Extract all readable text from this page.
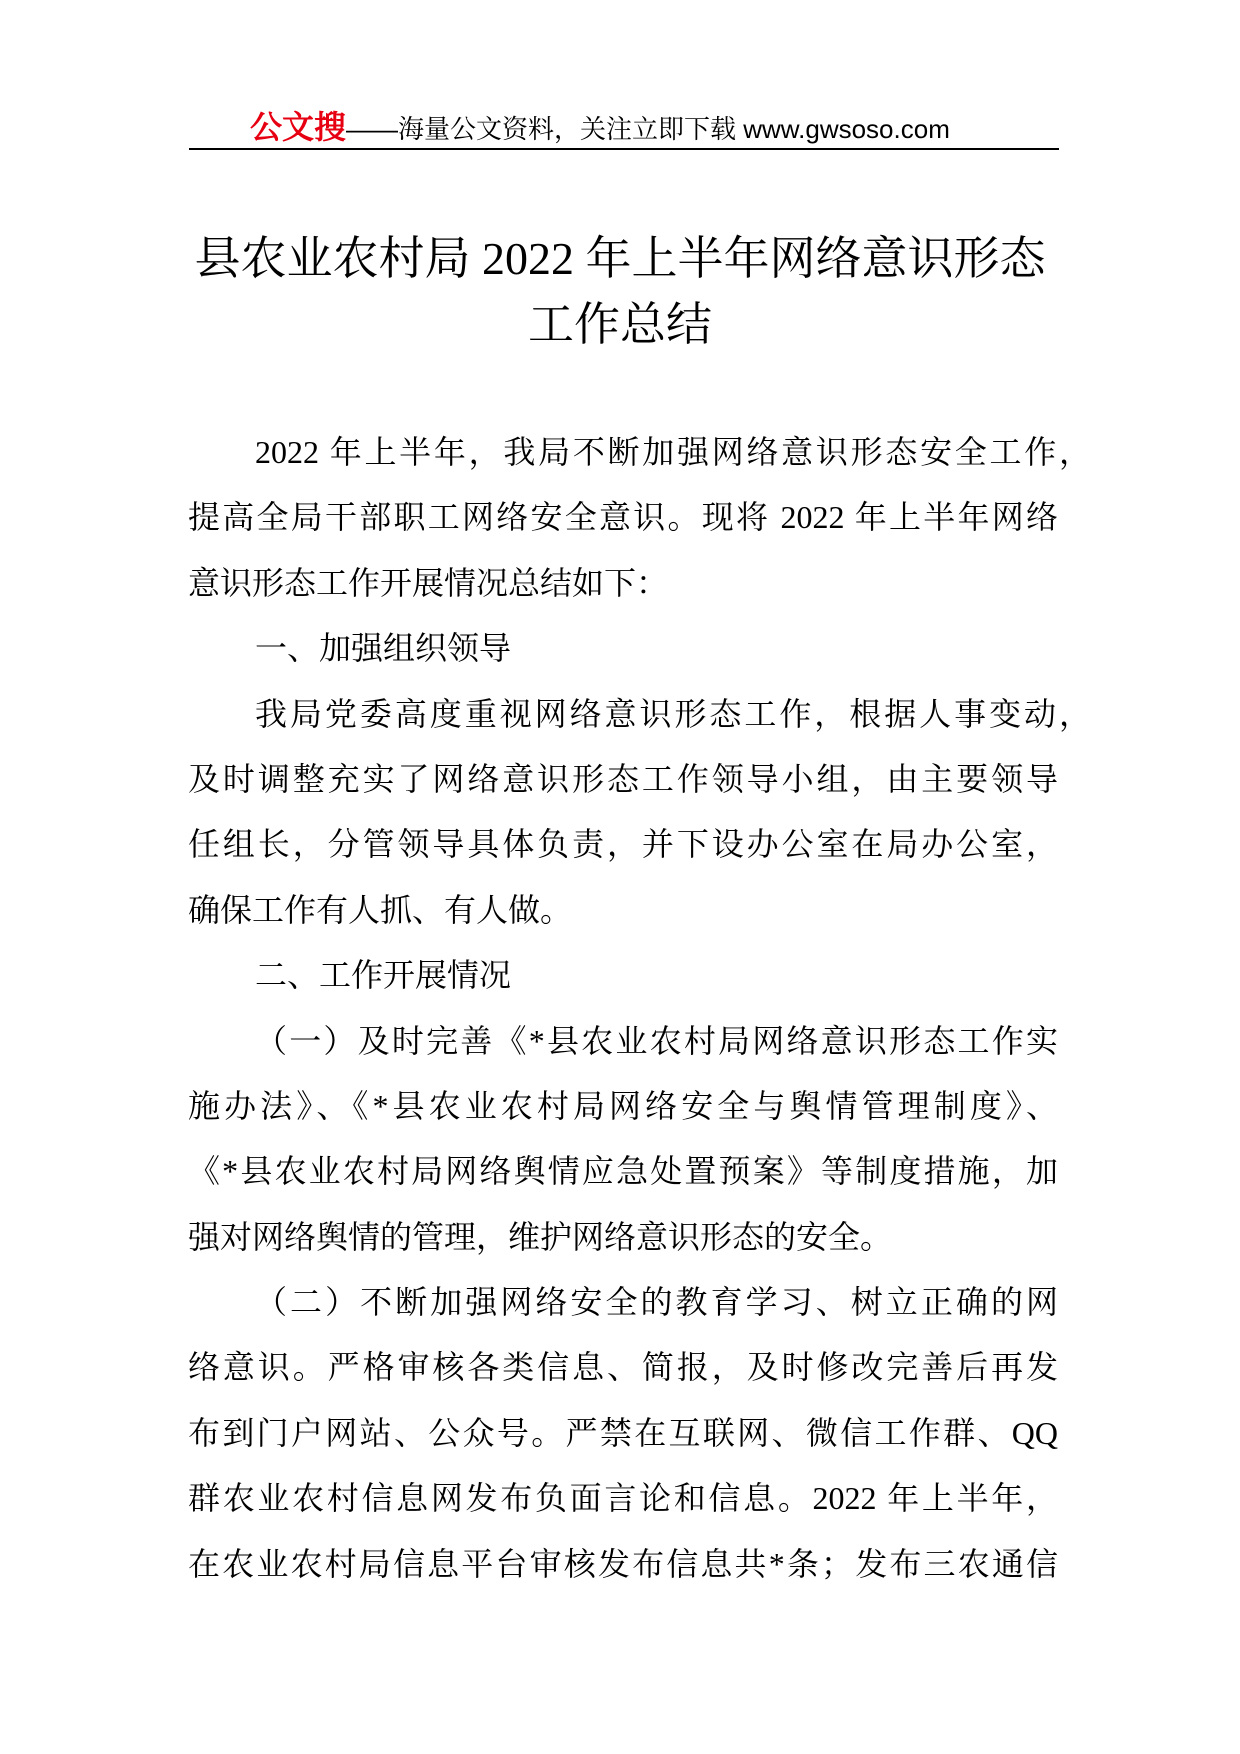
公文搜——海量公文资料，关注立即下载 www.gwsoso.com
县农业农村局 2022 年上半年网络意识形态
工作总结

2022 年上半年，我局不断加强网络意识形态安全工作，
提高全局干部职工网络安全意识。现将 2022 年上半年网络
意识形态工作开展情况总结如下：

一、加强组织领导

我局党委高度重视网络意识形态工作，根据人事变动，
及时调整充实了网络意识形态工作领导小组，由主要领导
任组长，分管领导具体负责，并下设办公室在局办公室，
确保工作有人抓、有人做。

二、工作开展情况

（一）及时完善《*县农业农村局网络意识形态工作实
施办法》、《*县农业农村局网络安全与舆情管理制度》、
《*县农业农村局网络舆情应急处置预案》等制度措施，加
强对网络舆情的管理，维护网络意识形态的安全。

（二）不断加强网络安全的教育学习、树立正确的网
络意识。严格审核各类信息、简报，及时修改完善后再发
布到门户网站、公众号。严禁在互联网、微信工作群、QQ
群农业农村信息网发布负面言论和信息。2022 年上半年，
在农业农村局信息平台审核发布信息共*条；发布三农通信
